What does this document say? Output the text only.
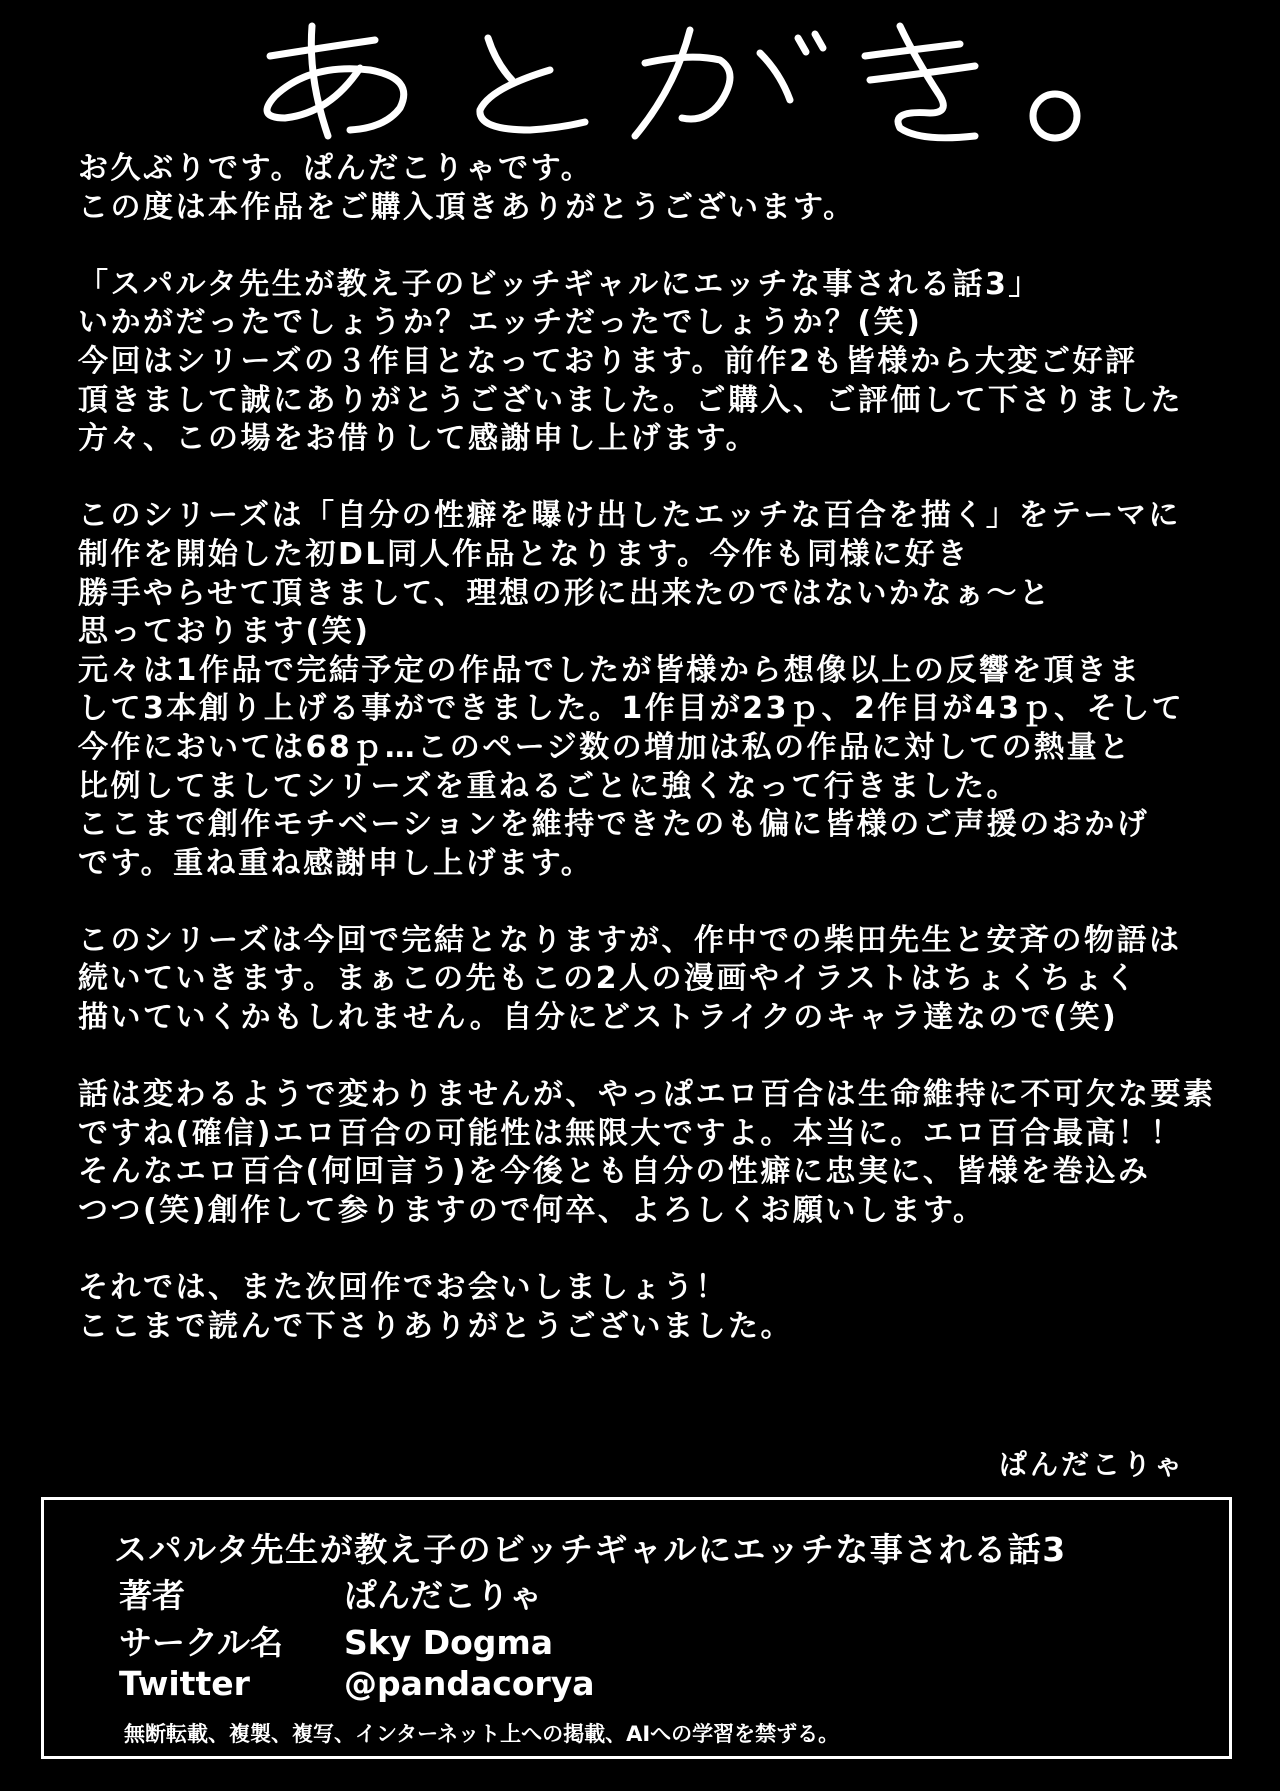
お久ぶりです。ぱんだこりゃです。
この度は本作品をご購入頂きありがとうございます。
「スパルタ先生が教え子のビッチギャルにエッチな事される話3」
いかがだったでしょうか？エッチだったでしょうか？(笑)
今回はシリーズの３作目となっております。前作2も皆様から大変ご好評
頂きまして誠にありがとうございました。ご購入、ご評価して下さりました
方々、この場をお借りして感謝申し上げます。
このシリーズは「自分の性癖を曝け出したエッチな百合を描く」をテーマに
制作を開始した初DL同人作品となります。今作も同様に好き
勝手やらせて頂きまして、理想の形に出来たのではないかなぁ～と
思っております(笑)
元々は1作品で完結予定の作品でしたが皆様から想像以上の反響を頂きま
して3本創り上げる事ができました。1作目が23ｐ、2作目が43ｐ、そして
今作においては68ｐ…このページ数の増加は私の作品に対しての熱量と
比例してましてシリーズを重ねるごとに強くなって行きました。
ここまで創作モチベーションを維持できたのも偏に皆様のご声援のおかげ
です。重ね重ね感謝申し上げます。
このシリーズは今回で完結となりますが、作中での柴田先生と安斉の物語は
続いていきます。まぁこの先もこの2人の漫画やイラストはちょくちょく
描いていくかもしれません。自分にどストライクのキャラ達なので(笑)
話は変わるようで変わりませんが、やっぱエロ百合は生命維持に不可欠な要素
ですね(確信)エロ百合の可能性は無限大ですよ。本当に。エロ百合最高！！
そんなエロ百合(何回言う)を今後とも自分の性癖に忠実に、皆様を巻込み
つつ(笑)創作して参りますので何卒、よろしくお願いします。
それでは、また次回作でお会いしましょう！
ここまで読んで下さりありがとうございました。
ぱんだこりゃ
スパルタ先生が教え子のビッチギャルにエッチな事される話3
著者	ぱんだこりゃ
サークル名 Sky Dogma
Twitter	@pandacorya
無断転載、複製、複写、インターネット上への掲載、AIへの学習を禁ずる。
